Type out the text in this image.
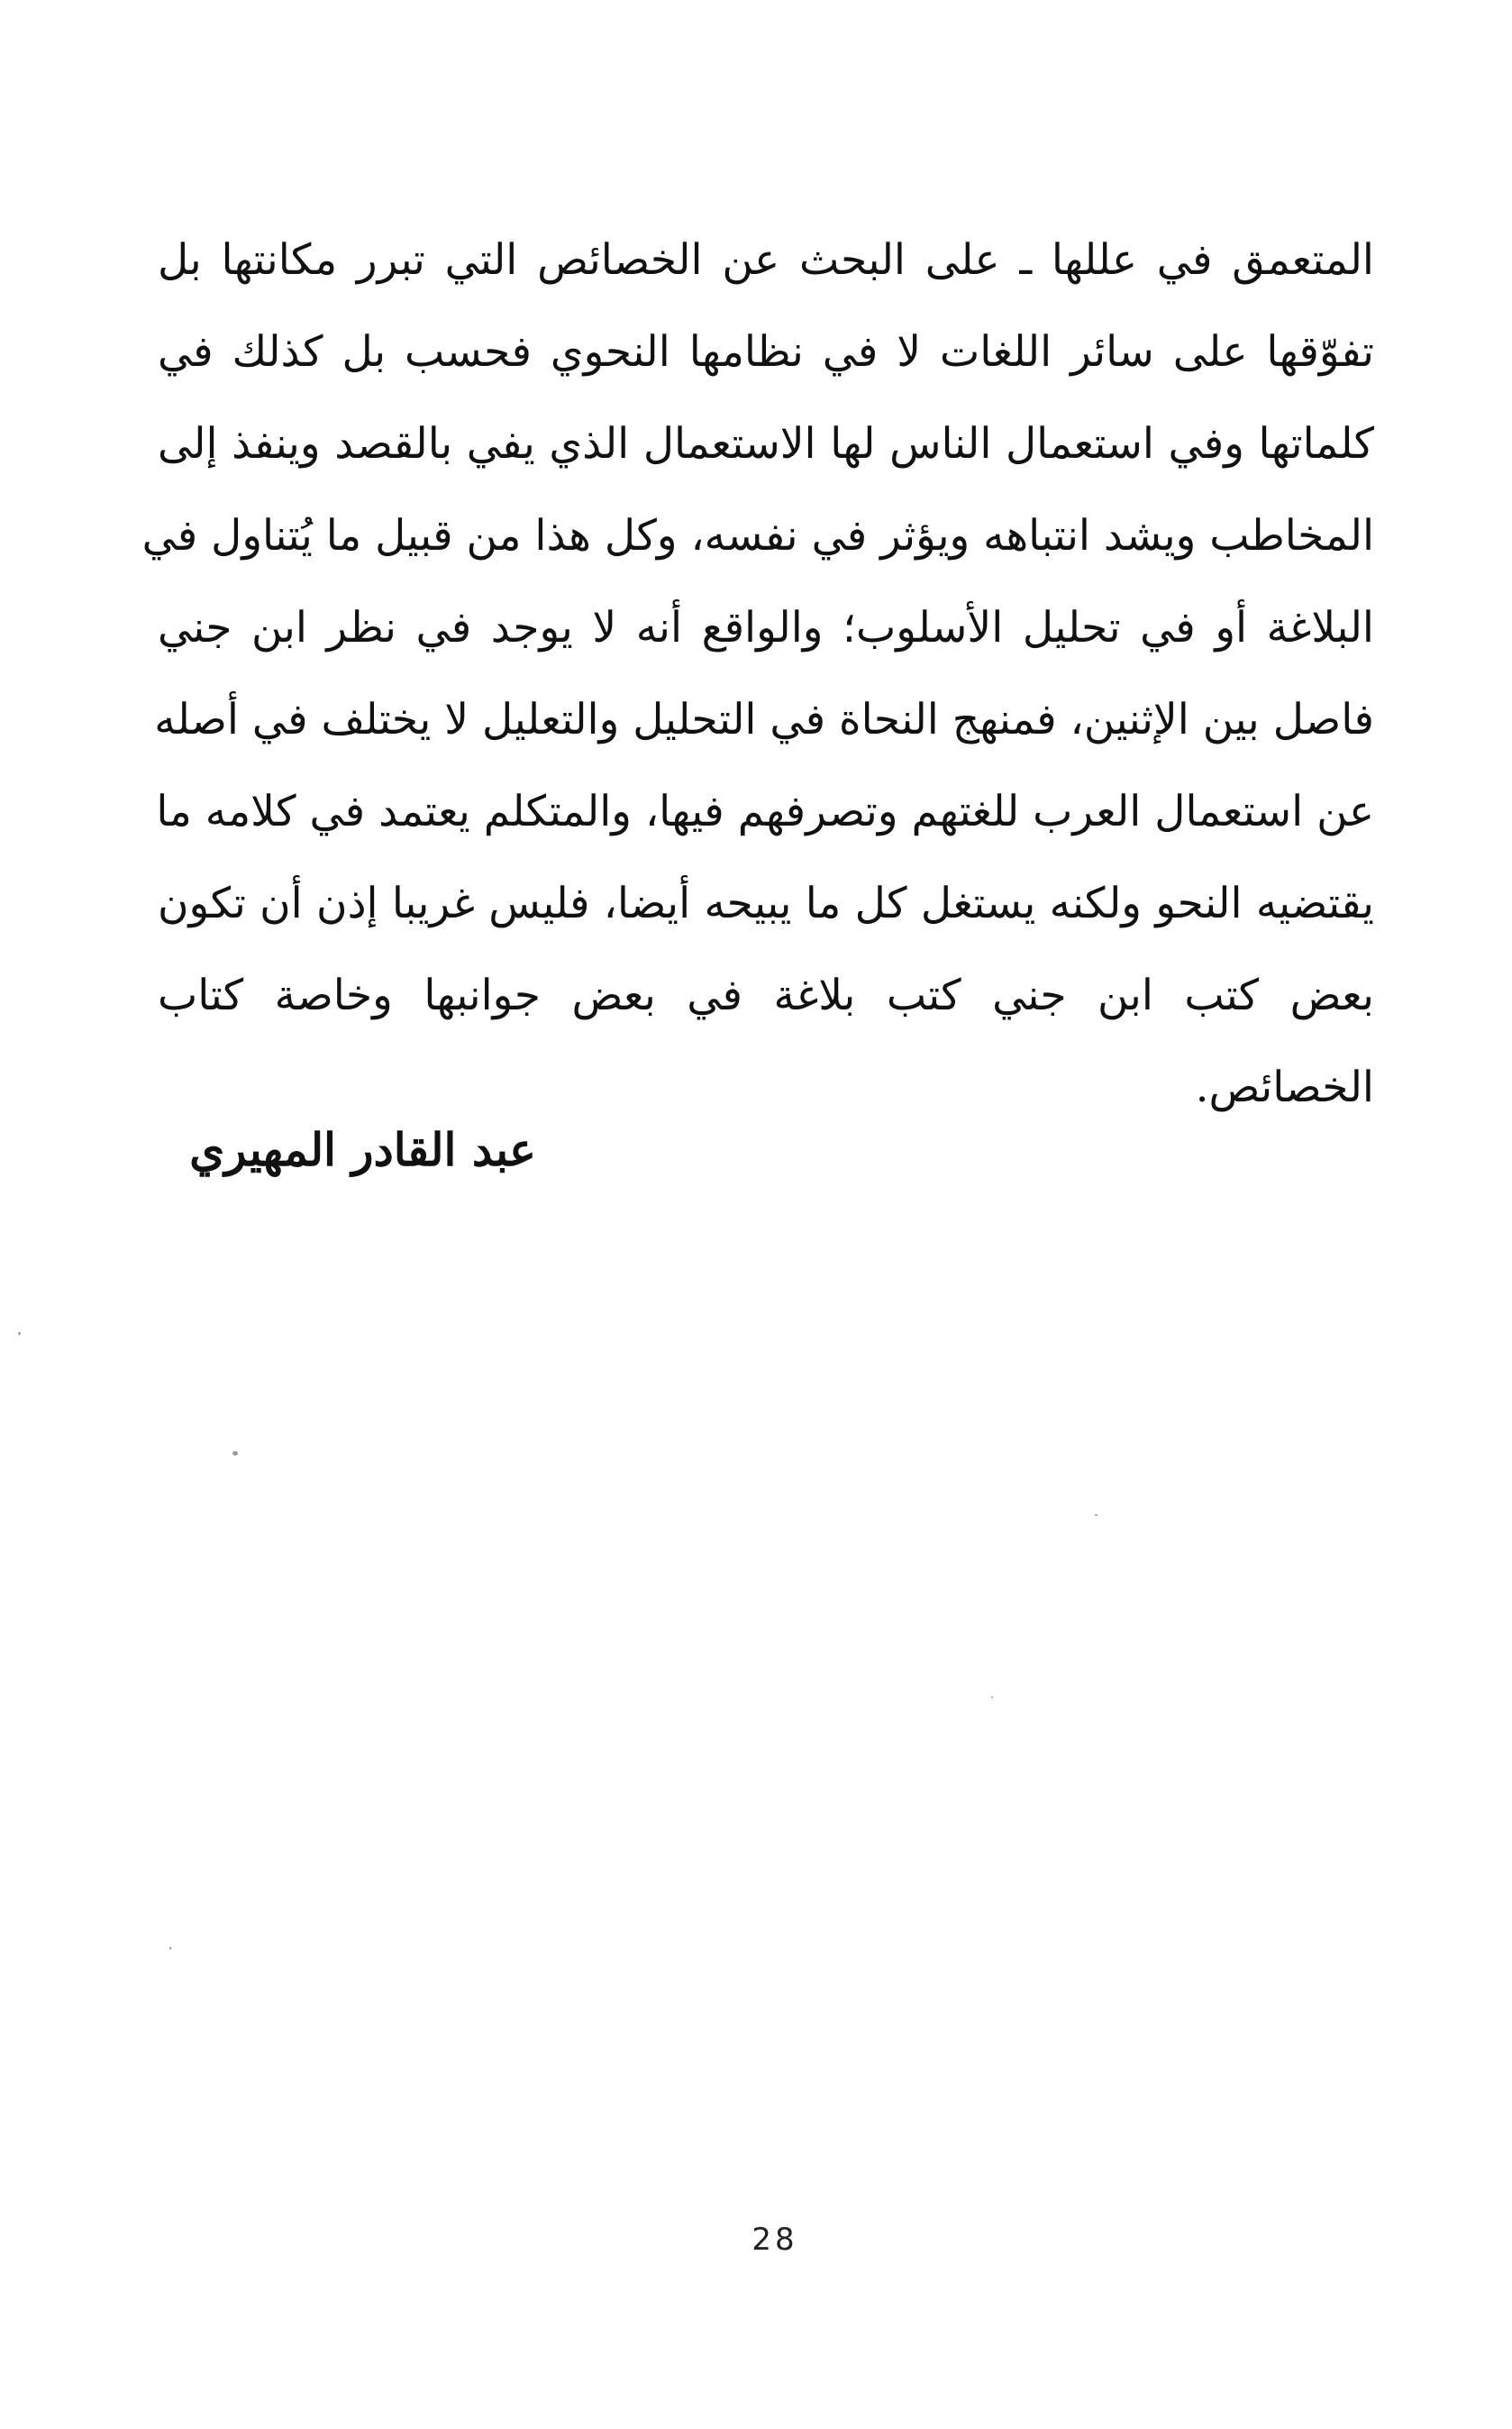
المتعمق في عللها ـ على البحث عن الخصائص التي تبرر مكانتها بل
تفوّقها على سائر اللغات لا في نظامها النحوي فحسب بل كذلك في
كلماتها وفي استعمال الناس لها الاستعمال الذي يفي بالقصد وينفذ إلى
المخاطب ويشد انتباهه ويؤثر في نفسه، وكل هذا من قبيل ما يُتناول في
البلاغة أو في تحليل الأسلوب؛ والواقع أنه لا يوجد في نظر ابن جني
فاصل بين الإثنين، فمنهج النحاة في التحليل والتعليل لا يختلف في أصله
عن استعمال العرب للغتهم وتصرفهم فيها، والمتكلم يعتمد في كلامه ما
يقتضيه النحو ولكنه يستغل كل ما يبيحه أيضا، فليس غريبا إذن أن تكون
بعض كتب ابن جني كتب بلاغة في بعض جوانبها وخاصة كتاب
الخصائص.
عبد القادر المهيري
28
